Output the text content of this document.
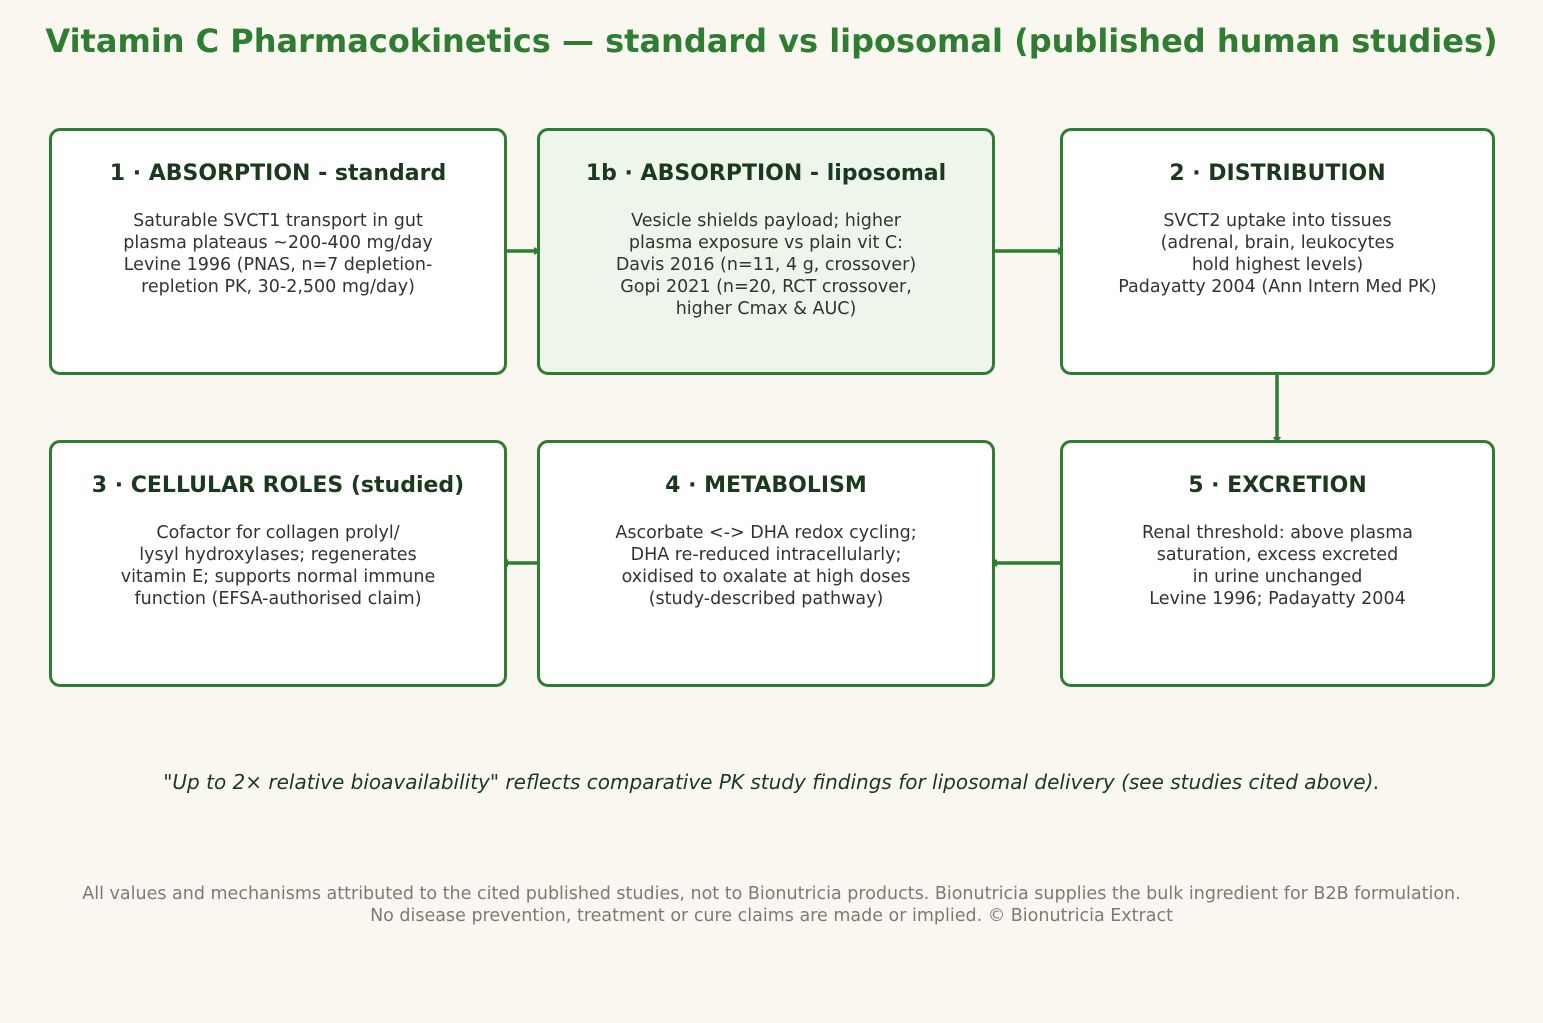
Vitamin C Pharmacokinetics — standard vs liposomal (published human studies)
1 · ABSORPTION - standard
Saturable SVCT1 transport in gut
plasma plateaus ~200-400 mg/day
Levine 1996 (PNAS, n=7 depletion-
repletion PK, 30-2,500 mg/day)
1b · ABSORPTION - liposomal
Vesicle shields payload; higher
plasma exposure vs plain vit C:
Davis 2016 (n=11, 4 g, crossover)
Gopi 2021 (n=20, RCT crossover,
higher Cmax & AUC)
2 · DISTRIBUTION
SVCT2 uptake into tissues
(adrenal, brain, leukocytes
hold highest levels)
Padayatty 2004 (Ann Intern Med PK)
3 · CELLULAR ROLES (studied)
Cofactor for collagen prolyl/
lysyl hydroxylases; regenerates
vitamin E; supports normal immune
function (EFSA-authorised claim)
4 · METABOLISM
Ascorbate <-> DHA redox cycling;
DHA re-reduced intracellularly;
oxidised to oxalate at high doses
(study-described pathway)
5 · EXCRETION
Renal threshold: above plasma
saturation, excess excreted
in urine unchanged
Levine 1996; Padayatty 2004
"Up to 2× relative bioavailability" reflects comparative PK study findings for liposomal delivery (see studies cited above).
All values and mechanisms attributed to the cited published studies, not to Bionutricia products. Bionutricia supplies the bulk ingredient for B2B formulation.
No disease prevention, treatment or cure claims are made or implied. © Bionutricia Extract
